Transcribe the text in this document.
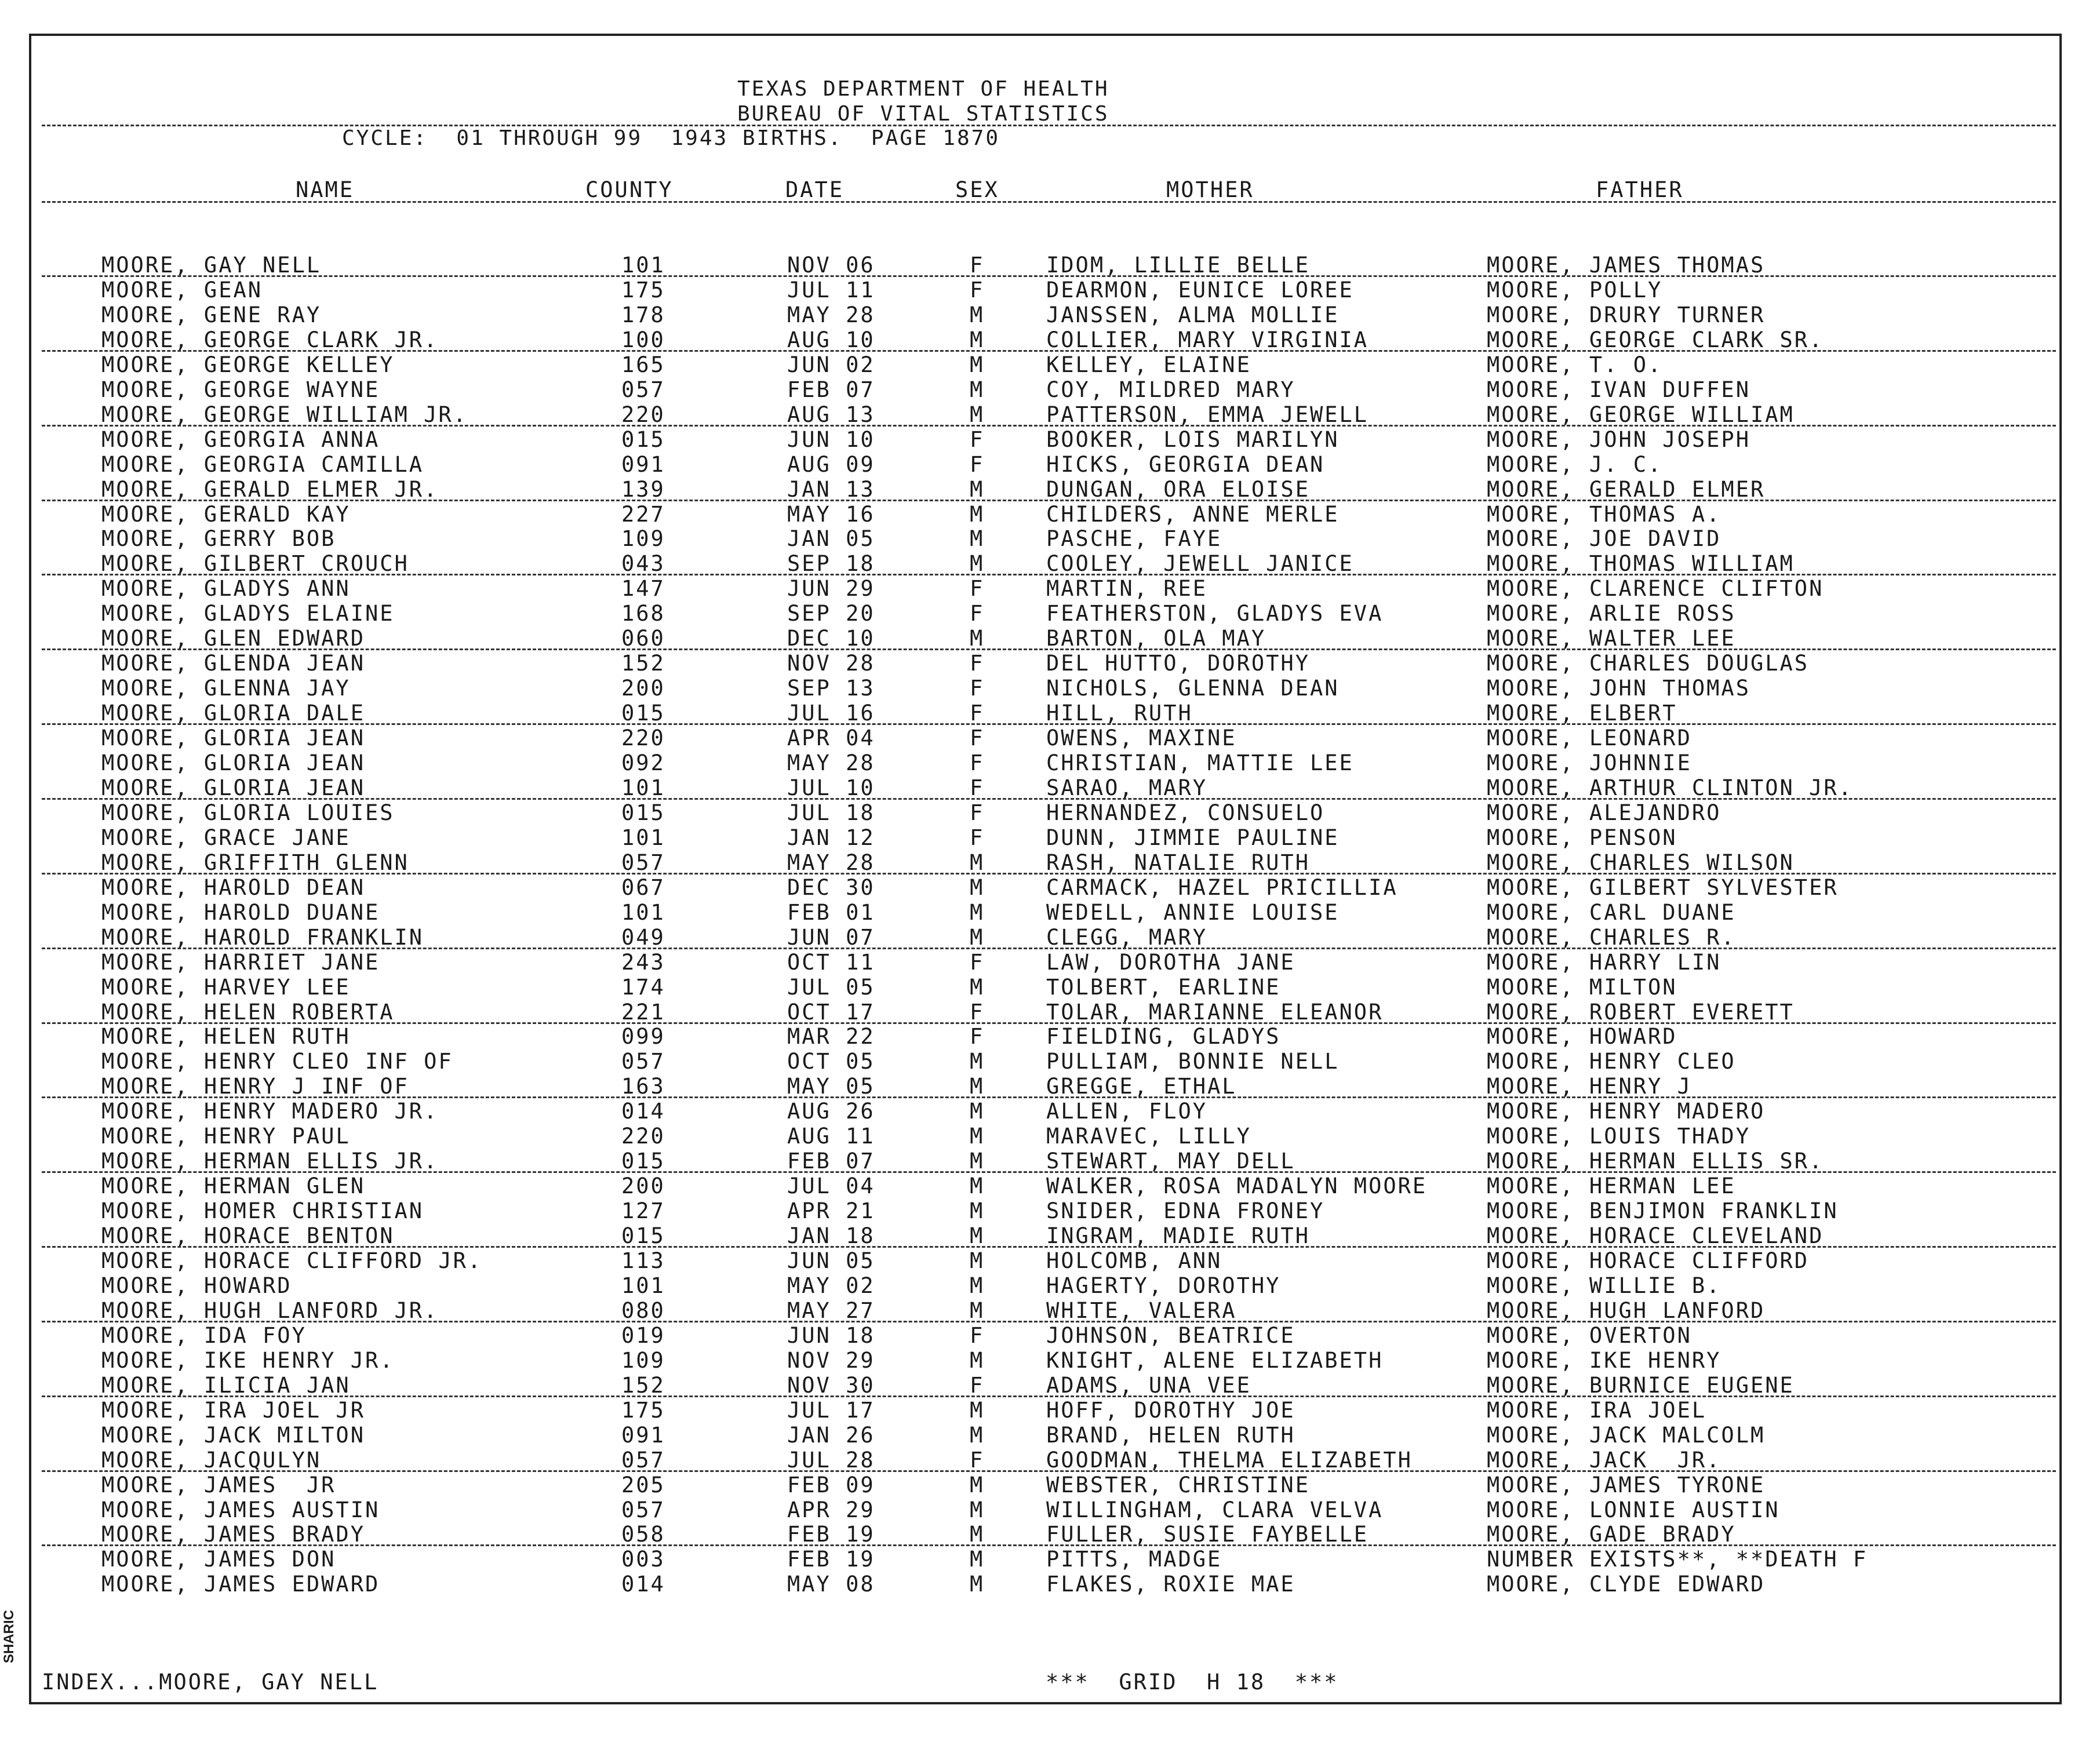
TEXAS DEPARTMENT OF HEALTH
BUREAU OF VITAL STATISTICS
CYCLE:  01 THROUGH 99  1943 BIRTHS.  PAGE 1870
NAME	COUNTY	DATE	SEX	MOTHER	FATHER
MOORE, GAY NELL	101	NOV 06	F	IDOM, LILLIE BELLE	MOORE, JAMES THOMAS
MOORE, GEAN	175	JUL 11	F	DEARMON, EUNICE LOREE	MOORE, POLLY
MOORE, GENE RAY	178	MAY 28	M	JANSSEN, ALMA MOLLIE	MOORE, DRURY TURNER
MOORE, GEORGE CLARK JR.	100	AUG 10	M	COLLIER, MARY VIRGINIA	MOORE, GEORGE CLARK SR.
MOORE, GEORGE KELLEY	165	JUN 02	M	KELLEY, ELAINE	MOORE, T. O.
MOORE, GEORGE WAYNE	057	FEB 07	M	COY, MILDRED MARY	MOORE, IVAN DUFFEN
MOORE, GEORGE WILLIAM JR.	220	AUG 13	M	PATTERSON, EMMA JEWELL	MOORE, GEORGE WILLIAM
MOORE, GEORGIA ANNA	015	JUN 10	F	BOOKER, LOIS MARILYN	MOORE, JOHN JOSEPH
MOORE, GEORGIA CAMILLA	091	AUG 09	F	HICKS, GEORGIA DEAN	MOORE, J. C.
MOORE, GERALD ELMER JR.	139	JAN 13	M	DUNGAN, ORA ELOISE	MOORE, GERALD ELMER
MOORE, GERALD KAY	227	MAY 16	M	CHILDERS, ANNE MERLE	MOORE, THOMAS A.
MOORE, GERRY BOB	109	JAN 05	M	PASCHE, FAYE	MOORE, JOE DAVID
MOORE, GILBERT CROUCH	043	SEP 18	M	COOLEY, JEWELL JANICE	MOORE, THOMAS WILLIAM
MOORE, GLADYS ANN	147	JUN 29	F	MARTIN, REE	MOORE, CLARENCE CLIFTON
MOORE, GLADYS ELAINE	168	SEP 20	F	FEATHERSTON, GLADYS EVA	MOORE, ARLIE ROSS
MOORE, GLEN EDWARD	060	DEC 10	M	BARTON, OLA MAY	MOORE, WALTER LEE
MOORE, GLENDA JEAN	152	NOV 28	F	DEL HUTTO, DOROTHY	MOORE, CHARLES DOUGLAS
MOORE, GLENNA JAY	200	SEP 13	F	NICHOLS, GLENNA DEAN	MOORE, JOHN THOMAS
MOORE, GLORIA DALE	015	JUL 16	F	HILL, RUTH	MOORE, ELBERT
MOORE, GLORIA JEAN	220	APR 04	F	OWENS, MAXINE	MOORE, LEONARD
MOORE, GLORIA JEAN	092	MAY 28	F	CHRISTIAN, MATTIE LEE	MOORE, JOHNNIE
MOORE, GLORIA JEAN	101	JUL 10	F	SARAO, MARY	MOORE, ARTHUR CLINTON JR.
MOORE, GLORIA LOUIES	015	JUL 18	F	HERNANDEZ, CONSUELO	MOORE, ALEJANDRO
MOORE, GRACE JANE	101	JAN 12	F	DUNN, JIMMIE PAULINE	MOORE, PENSON
MOORE, GRIFFITH GLENN	057	MAY 28	M	RASH, NATALIE RUTH	MOORE, CHARLES WILSON
MOORE, HAROLD DEAN	067	DEC 30	M	CARMACK, HAZEL PRICILLIA	MOORE, GILBERT SYLVESTER
MOORE, HAROLD DUANE	101	FEB 01	M	WEDELL, ANNIE LOUISE	MOORE, CARL DUANE
MOORE, HAROLD FRANKLIN	049	JUN 07	M	CLEGG, MARY	MOORE, CHARLES R.
MOORE, HARRIET JANE	243	OCT 11	F	LAW, DOROTHA JANE	MOORE, HARRY LIN
MOORE, HARVEY LEE	174	JUL 05	M	TOLBERT, EARLINE	MOORE, MILTON
MOORE, HELEN ROBERTA	221	OCT 17	F	TOLAR, MARIANNE ELEANOR	MOORE, ROBERT EVERETT
MOORE, HELEN RUTH	099	MAR 22	F	FIELDING, GLADYS	MOORE, HOWARD
MOORE, HENRY CLEO INF OF	057	OCT 05	M	PULLIAM, BONNIE NELL	MOORE, HENRY CLEO
MOORE, HENRY J INF OF	163	MAY 05	M	GREGGE, ETHAL	MOORE, HENRY J
MOORE, HENRY MADERO JR.	014	AUG 26	M	ALLEN, FLOY	MOORE, HENRY MADERO
MOORE, HENRY PAUL	220	AUG 11	M	MARAVEC, LILLY	MOORE, LOUIS THADY
MOORE, HERMAN ELLIS JR.	015	FEB 07	M	STEWART, MAY DELL	MOORE, HERMAN ELLIS SR.
MOORE, HERMAN GLEN	200	JUL 04	M	WALKER, ROSA MADALYN MOORE	MOORE, HERMAN LEE
MOORE, HOMER CHRISTIAN	127	APR 21	M	SNIDER, EDNA FRONEY	MOORE, BENJIMON FRANKLIN
MOORE, HORACE BENTON	015	JAN 18	M	INGRAM, MADIE RUTH	MOORE, HORACE CLEVELAND
MOORE, HORACE CLIFFORD JR.	113	JUN 05	M	HOLCOMB, ANN	MOORE, HORACE CLIFFORD
MOORE, HOWARD	101	MAY 02	M	HAGERTY, DOROTHY	MOORE, WILLIE B.
MOORE, HUGH LANFORD JR.	080	MAY 27	M	WHITE, VALERA	MOORE, HUGH LANFORD
MOORE, IDA FOY	019	JUN 18	F	JOHNSON, BEATRICE	MOORE, OVERTON
MOORE, IKE HENRY JR.	109	NOV 29	M	KNIGHT, ALENE ELIZABETH	MOORE, IKE HENRY
MOORE, ILICIA JAN	152	NOV 30	F	ADAMS, UNA VEE	MOORE, BURNICE EUGENE
MOORE, IRA JOEL JR	175	JUL 17	M	HOFF, DOROTHY JOE	MOORE, IRA JOEL
MOORE, JACK MILTON	091	JAN 26	M	BRAND, HELEN RUTH	MOORE, JACK MALCOLM
MOORE, JACQULYN	057	JUL 28	F	GOODMAN, THELMA ELIZABETH	MOORE, JACK  JR.
MOORE, JAMES  JR	205	FEB 09	M	WEBSTER, CHRISTINE	MOORE, JAMES TYRONE
MOORE, JAMES AUSTIN	057	APR 29	M	WILLINGHAM, CLARA VELVA	MOORE, LONNIE AUSTIN
MOORE, JAMES BRADY	058	FEB 19	M	FULLER, SUSIE FAYBELLE	MOORE, GADE BRADY
MOORE, JAMES DON	003	FEB 19	M	PITTS, MADGE	NUMBER EXISTS**, **DEATH F
MOORE, JAMES EDWARD	014	MAY 08	M	FLAKES, ROXIE MAE	MOORE, CLYDE EDWARD
INDEX...MOORE, GAY NELL	***  GRID  H 18  ***
SHARIC
